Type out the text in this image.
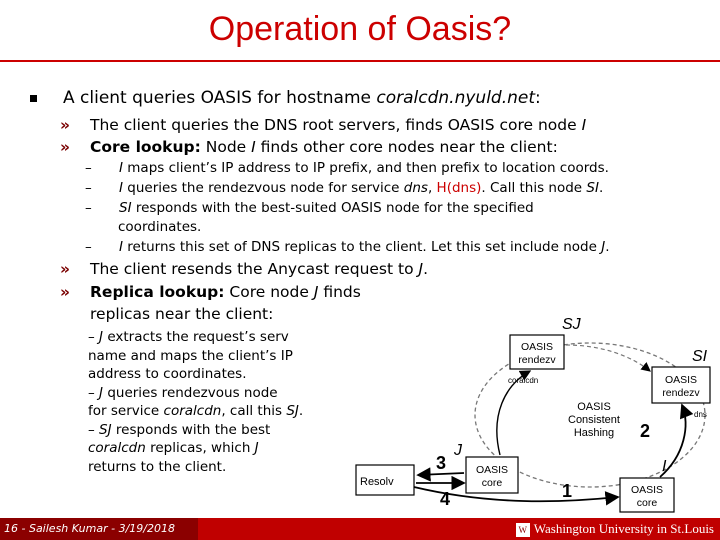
Operation of Oasis?
A client queries OASIS for hostname coralcdn.nyuld.net:
» The client queries the DNS root servers, finds OASIS core node I
» Core lookup: Node I finds other core nodes near the client:
– I maps client’s IP address to IP prefix, and then prefix to location coords.
– I queries the rendezvous node for service dns, H(dns). Call this node SI.
– SI responds with the best-suited OASIS node for the specified
coordinates.
– I returns this set of DNS replicas to the client. Let this set include node J.
» The client resends the Anycast request to J.
» Replica lookup: Core node J finds
replicas near the client:
– J extracts the request’s serv
name and maps the client’s IP
address to coordinates.
– J queries rendezvous node
for service coralcdn, call this SJ.
– SJ responds with the best
coralcdn replicas, which J
returns to the client.
SJ
OASIS
rendezv	SI
OASIS
rendezv
OASIS
Consistent
Hashing
J
OASIS
core
I
OASIS
core
Resolv
coralcdn
dns
1
2
3
4
16 - Sailesh Kumar - 3/19/2018	W Washington University in St.Louis
